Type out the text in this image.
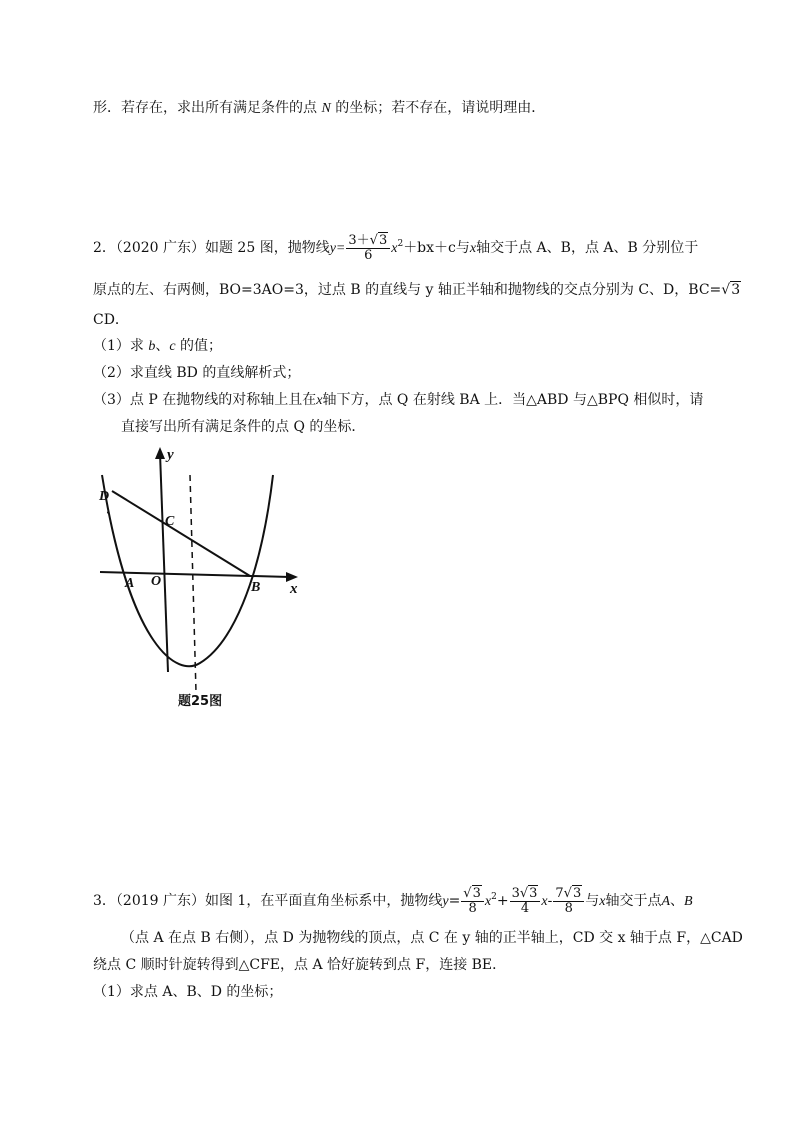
形．若存在，求出所有满足条件的点 N 的坐标；若不存在，请说明理由．
2．（2020 广东）如题 25 图，抛物线$y= \frac{3+√3}{6} x^2+bx+c$与x轴交于点 A、B，点 A、B 分别位于
原点的左、右两侧，BO=3AO=3，过点 B 的直线与 y 轴正半轴和抛物线的交点分别为 C、D，BC=√3
CD．
（1）求 b、c 的值；
（2）求直线 BD 的直线解析式；
（3）点 P 在抛物线的对称轴上且在x轴下方，点 Q 在射线 BA 上．当△ABD 与△BPQ 相似时，请
直接写出所有满足条件的点 Q 的坐标．
y
x
D
‘	C
A O	B
题25图
3．（2019 广东）如图 1，在平面直角坐标系中，抛物线$y= \frac{√3}{8} x^2+ \frac{3√3}{4} x- \frac{7√3}{8}$ 与x轴交于点A、B
（点 A 在点 B 右侧），点 D 为抛物线的顶点，点 C 在 y 轴的正半轴上，CD 交 x 轴于点 F，△CAD
绕点 C 顺时针旋转得到△CFE，点 A 恰好旋转到点 F，连接 BE．
（1）求点 A、B、D 的坐标；
